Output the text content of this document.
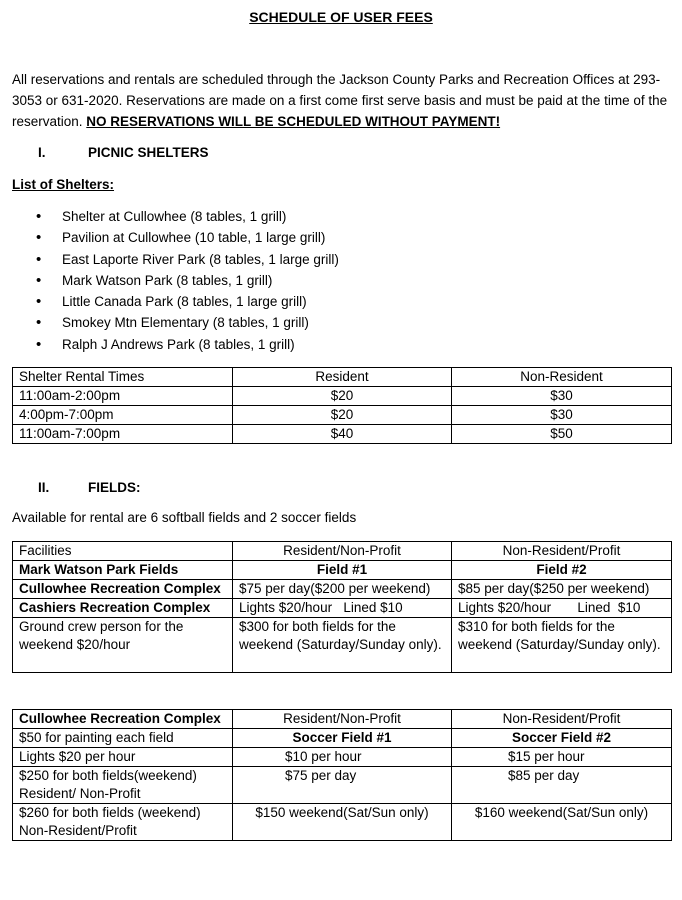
SCHEDULE OF USER FEES
All reservations and rentals are scheduled through the Jackson County Parks and Recreation Offices at 293-3053 or 631-2020. Reservations are made on a first come first serve basis and must be paid at the time of the reservation. NO RESERVATIONS WILL BE SCHEDULED WITHOUT PAYMENT!
I.	PICNIC SHELTERS
List of Shelters:
• Shelter at Cullowhee (8 tables, 1 grill)
• Pavilion at Cullowhee (10 table, 1 large grill)
• East Laporte River Park (8 tables, 1 large grill)
• Mark Watson Park (8 tables, 1 grill)
• Little Canada Park (8 tables, 1 large grill)
• Smokey Mtn Elementary (8 tables, 1 grill)
• Ralph J Andrews Park (8 tables, 1 grill)
Shelter Rental Times	Resident	Non-Resident
11:00am-2:00pm	$20	$30
4:00pm-7:00pm	$20	$30
11:00am-7:00pm	$40	$50
II.	FIELDS:
Available for rental are 6 softball fields and 2 soccer fields
Facilities	Resident/Non-Profit	Non-Resident/Profit
Mark Watson Park Fields	Field #1	Field #2
Cullowhee Recreation Complex	$75 per day($200 per weekend)	$85 per day($250 per weekend)
Cashiers Recreation Complex	Lights $20/hour   Lined $10	Lights $20/hour       Lined  $10
Ground crew person for the weekend $20/hour	$300 for both fields for the weekend (Saturday/Sunday only).	$310 for both fields for the weekend (Saturday/Sunday only).
Cullowhee Recreation Complex	Resident/Non-Profit	Non-Resident/Profit
$50 for painting each field	Soccer Field #1	Soccer Field #2
Lights $20 per hour	$10 per hour	$15 per hour
$250 for both fields(weekend) Resident/ Non-Profit	$75 per day	$85 per day
$260 for both fields (weekend) Non-Resident/Profit	$150 weekend(Sat/Sun only)	$160 weekend(Sat/Sun only)
